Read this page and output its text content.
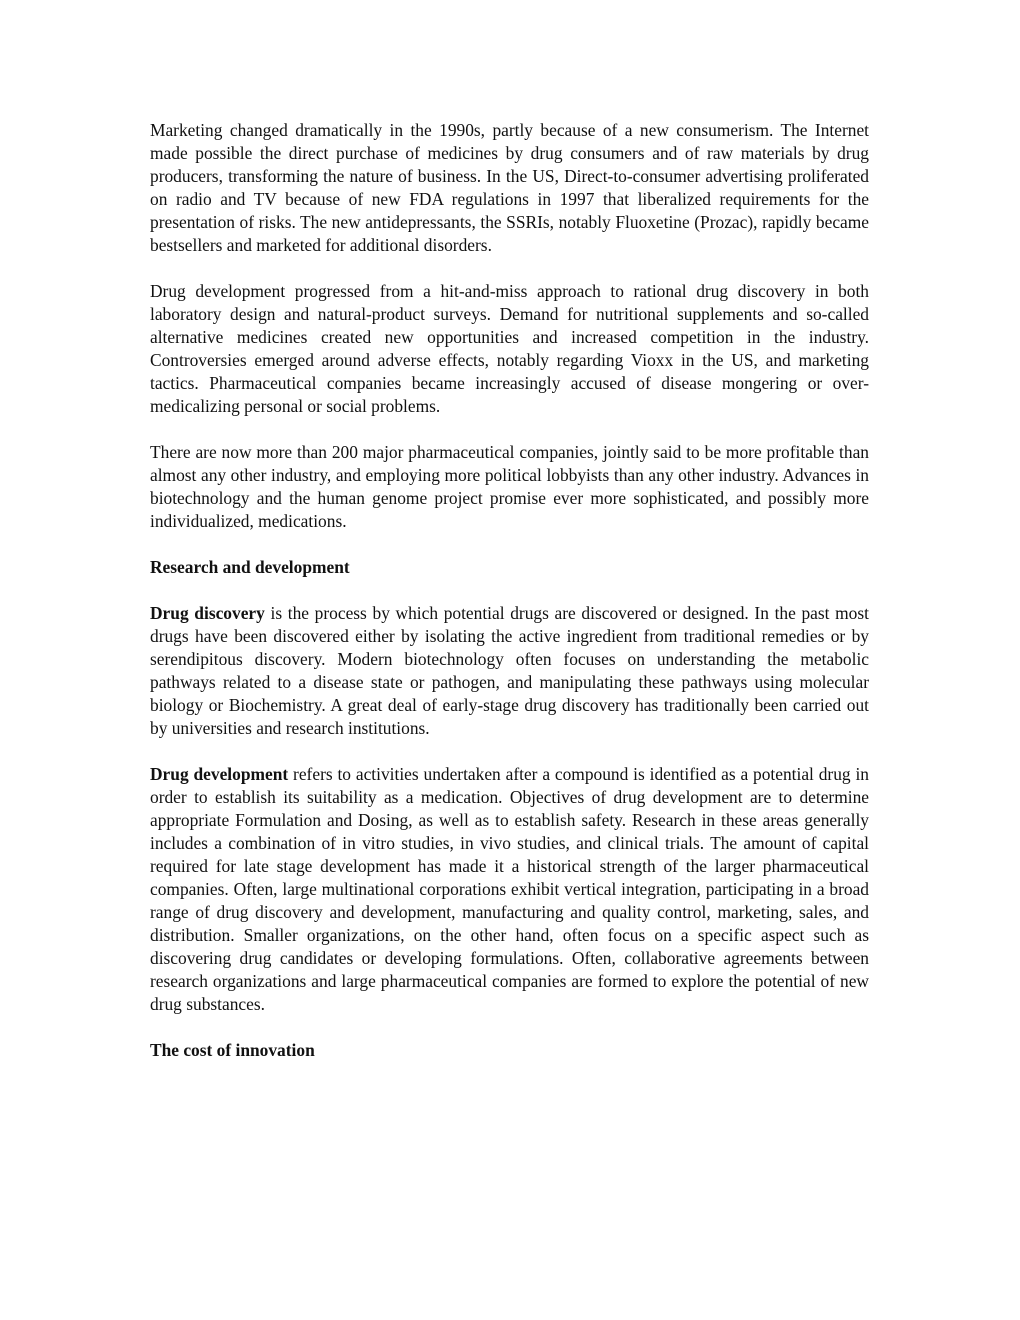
Marketing changed dramatically in the 1990s, partly because of a new consumerism. The Internet made possible the direct purchase of medicines by drug consumers and of raw materials by drug producers, transforming the nature of business. In the US, Direct-to-consumer advertising proliferated on radio and TV because of new FDA regulations in 1997 that liberalized requirements for the presentation of risks. The new antidepressants, the SSRIs, notably Fluoxetine (Prozac), rapidly became bestsellers and marketed for additional disorders.

Drug development progressed from a hit-and-miss approach to rational drug discovery in both laboratory design and natural-product surveys. Demand for nutritional supplements and so-called alternative medicines created new opportunities and increased competition in the industry. Controversies emerged around adverse effects, notably regarding Vioxx in the US, and marketing tactics. Pharmaceutical companies became increasingly accused of disease mongering or over-medicalizing personal or social problems.

There are now more than 200 major pharmaceutical companies, jointly said to be more profitable than almost any other industry, and employing more political lobbyists than any other industry. Advances in biotechnology and the human genome project promise ever more sophisticated, and possibly more individualized, medications.

Research and development

Drug discovery is the process by which potential drugs are discovered or designed. In the past most drugs have been discovered either by isolating the active ingredient from traditional remedies or by serendipitous discovery. Modern biotechnology often focuses on understanding the metabolic pathways related to a disease state or pathogen, and manipulating these pathways using molecular biology or Biochemistry. A great deal of early-stage drug discovery has traditionally been carried out by universities and research institutions.

Drug development refers to activities undertaken after a compound is identified as a potential drug in order to establish its suitability as a medication. Objectives of drug development are to determine appropriate Formulation and Dosing, as well as to establish safety. Research in these areas generally includes a combination of in vitro studies, in vivo studies, and clinical trials. The amount of capital required for late stage development has made it a historical strength of the larger pharmaceutical companies. Often, large multinational corporations exhibit vertical integration, participating in a broad range of drug discovery and development, manufacturing and quality control, marketing, sales, and distribution. Smaller organizations, on the other hand, often focus on a specific aspect such as discovering drug candidates or developing formulations. Often, collaborative agreements between research organizations and large pharmaceutical companies are formed to explore the potential of new drug substances.

The cost of innovation
